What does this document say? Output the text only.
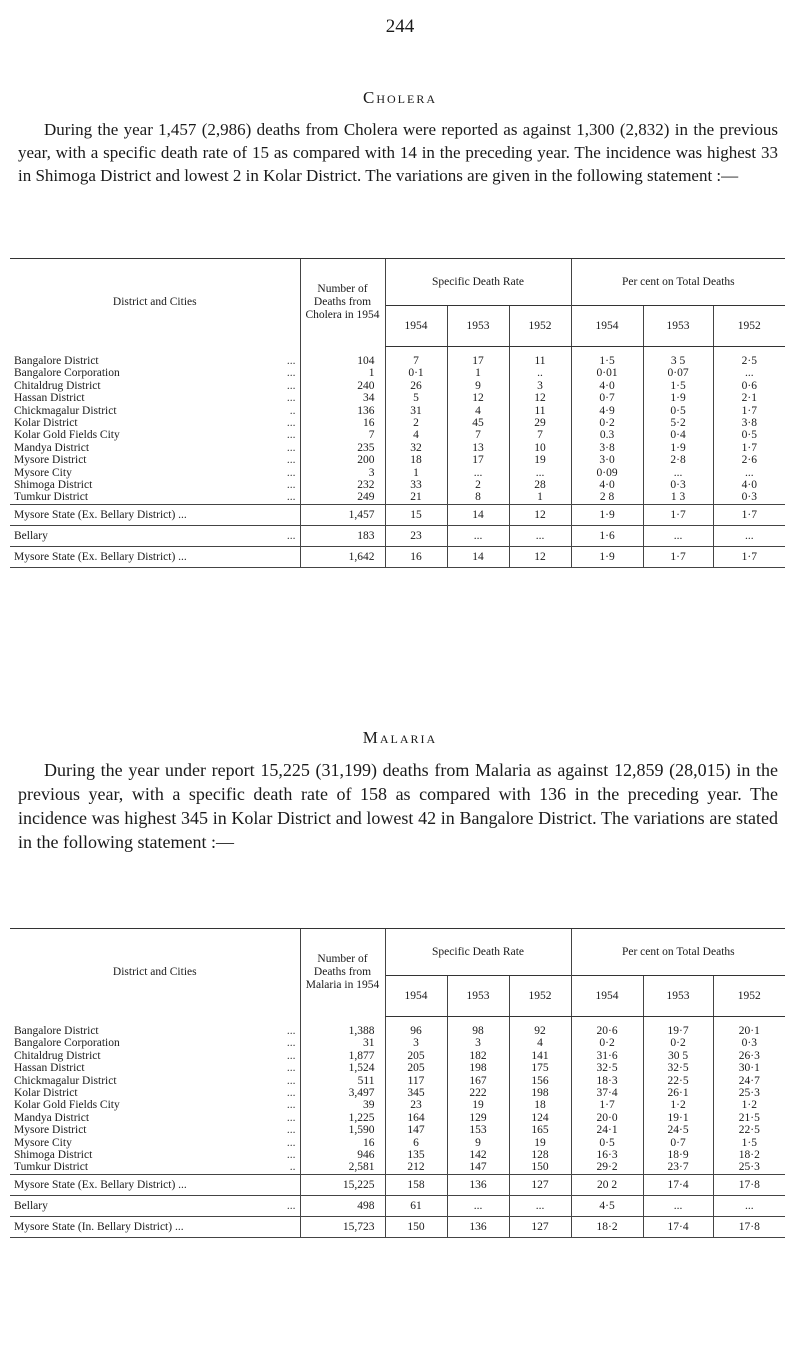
244
Cholera

During the year 1,457 (2,986) deaths from Cholera were reported as against 1,300 (2,832) in the previous year, with a specific death rate of 15 as compared with 14 in the preceding year. The incidence was highest 33 in Shimoga District and lowest 2 in Kolar District. The variations are given in the following statement :—

District and Cities	Number of Deaths from Cholera in 1954	Specific Death Rate			Per cent on Total Deaths		
		1954	1953	1952	1954	1953	1952

Bangalore District ...	104	7	17	11	1·5	3 5	2·5
Bangalore Corporation ...	1	0·1	1	..	0·01	0·07	...
Chitaldrug District ...	240	26	9	3	4·0	1·5	0·6
Hassan District ...	34	5	12	12	0·7	1·9	2·1
Chickmagalur District ..	136	31	4	11	4·9	0·5	1·7
Kolar District ...	16	2	45	29	0·2	5·2	3·8
Kolar Gold Fields City ...	7	4	7	7	0.3	0·4	0·5
Mandya District ...	235	32	13	10	3·8	1·9	1·7
Mysore District ...	200	18	17	19	3·0	2·8	2·6
Mysore City ...	3	1	...	...	0·09	...	...
Shimoga District ...	232	33	2	28	4·0	0·3	4·0
Tumkur District ...	249	21	8	1	2 8	1 3	0·3
Mysore State (Ex. Bellary District) ...	1,457	15	14	12	1·9	1·7	1·7
Bellary ...	183	23	...	...	1·6	...	...
Mysore State (Ex. Bellary District) ...	1,642	16	14	12	1·9	1·7	1·7
Malaria

During the year under report 15,225 (31,199) deaths from Malaria as against 12,859 (28,015) in the previous year, with a specific death rate of 158 as compared with 136 in the preceding year. The incidence was highest 345 in Kolar District and lowest 42 in Bangalore District. The variations are stated in the following statement :—

District and Cities	Number of Deaths from Malaria in 1954	Specific Death Rate			Per cent on Total Deaths		
		1954	1953	1952	1954	1953	1952

Bangalore District ...	1,388	96	98	92	20·6	19·7	20·1
Bangalore Corporation ...	31	3	3	4	0·2	0·2	0·3
Chitaldrug District ...	1,877	205	182	141	31·6	30 5	26·3
Hassan District ...	1,524	205	198	175	32·5	32·5	30·1
Chickmagalur District ...	511	117	167	156	18·3	22·5	24·7
Kolar District ...	3,497	345	222	198	37·4	26·1	25·3
Kolar Gold Fields City ...	39	23	19	18	1·7	1·2	1·2
Mandya District ...	1,225	164	129	124	20·0	19·1	21·5
Mysore District ...	1,590	147	153	165	24·1	24·5	22·5
Mysore City ...	16	6	9	19	0·5	0·7	1·5
Shimoga District ...	946	135	142	128	16·3	18·9	18·2
Tumkur District ..	2,581	212	147	150	29·2	23·7	25·3
Mysore State (Ex. Bellary District) ...	15,225	158	136	127	20 2	17·4	17·8
Bellary ...	498	61	...	...	4·5	...	...
Mysore State (In. Bellary District) ...	15,723	150	136	127	18·2	17·4	17·8
